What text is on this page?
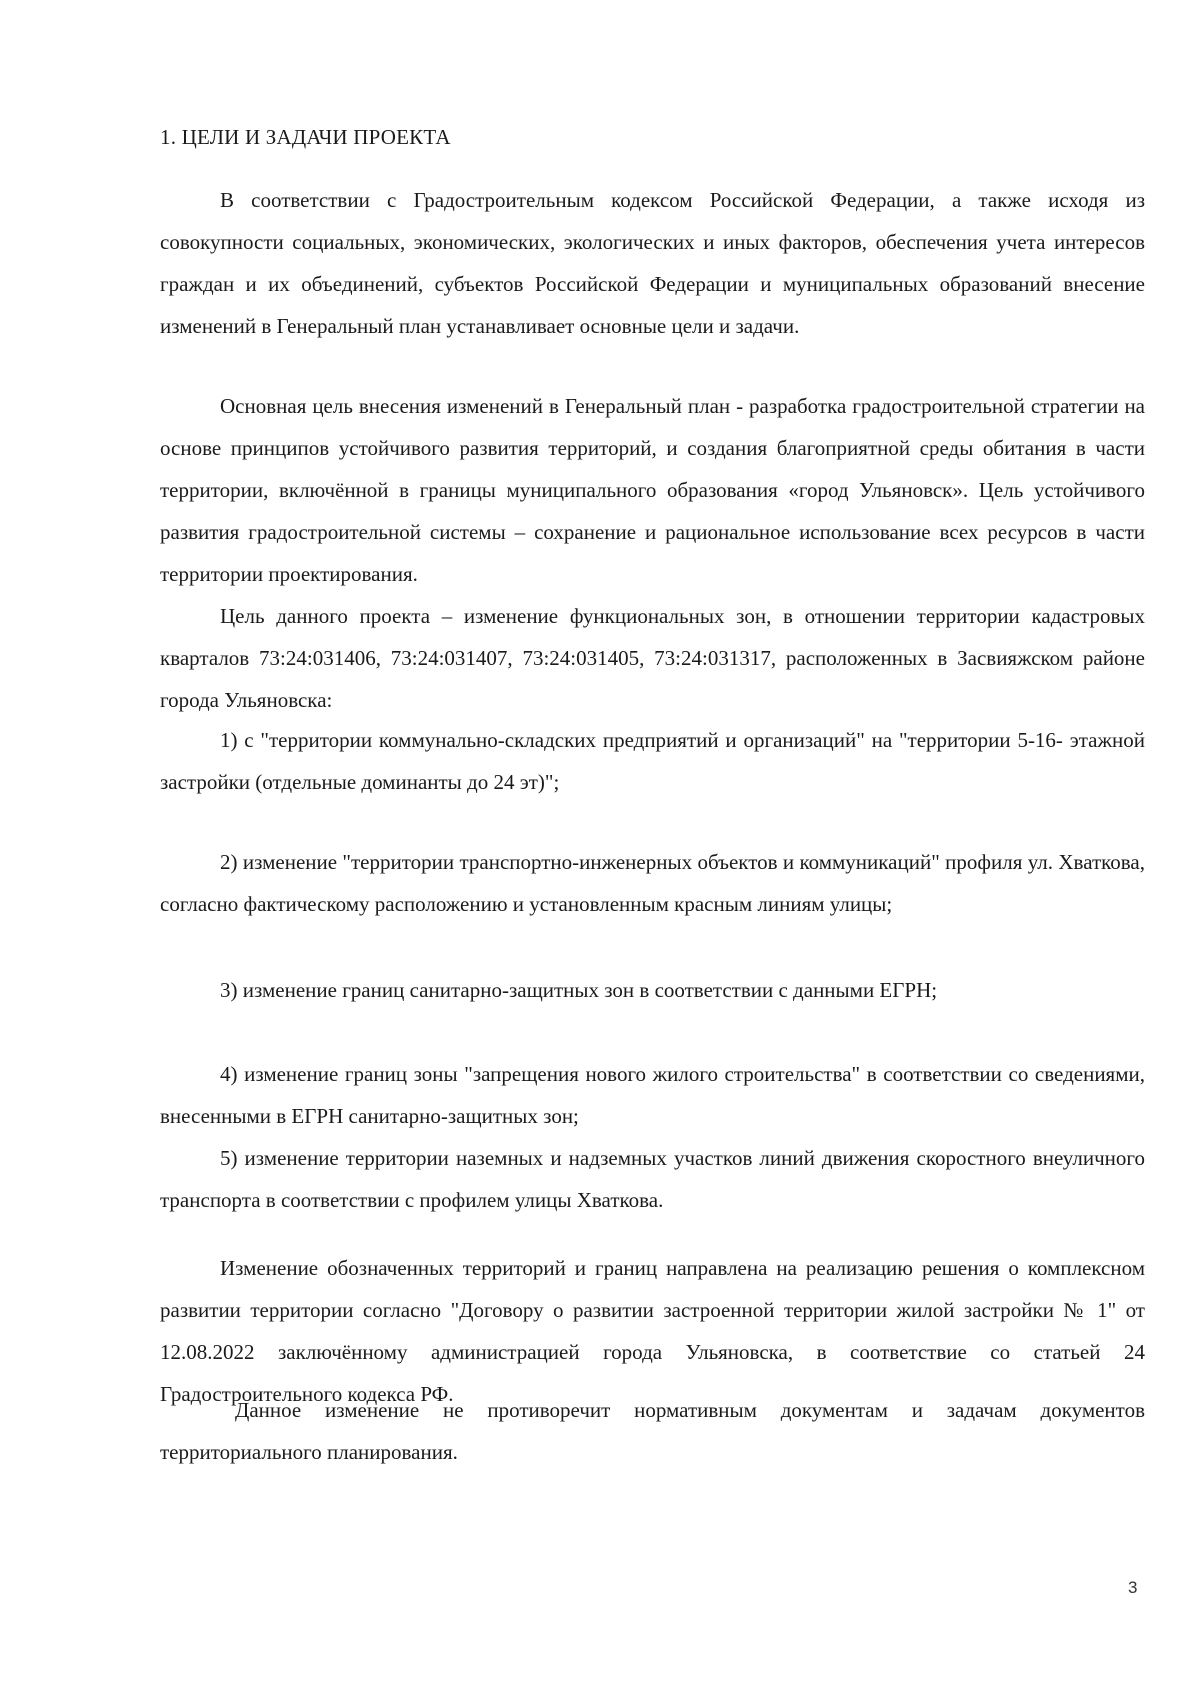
1. ЦЕЛИ И ЗАДАЧИ ПРОЕКТА

В соответствии с Градостроительным кодексом Российской Федерации, а также исходя из совокупности социальных, экономических, экологических и иных факторов, обеспечения учета интересов граждан и их объединений, субъектов Российской Федерации и муниципальных образований внесение изменений в Генеральный план устанавливает основные цели и задачи.

Основная цель внесения изменений в Генеральный план - разработка градостроительной стратегии на основе принципов устойчивого развития территорий, и создания благоприятной среды обитания в части территории, включённой в границы муниципального образования «город Ульяновск». Цель устойчивого развития градостроительной системы – сохранение и рациональное использование всех ресурсов в части территории проектирования.

Цель данного проекта – изменение функциональных зон, в отношении территории кадастровых кварталов 73:24:031406, 73:24:031407, 73:24:031405, 73:24:031317, расположенных в Засвияжском районе города Ульяновска:

1) с "территории коммунально-складских предприятий и организаций" на "территории 5-16- этажной застройки (отдельные доминанты до 24 эт)";

2) изменение "территории транспортно-инженерных объектов и коммуникаций" профиля ул. Хваткова, согласно фактическому расположению и установленным красным линиям улицы;

3) изменение границ санитарно-защитных зон в соответствии с данными ЕГРН;

4) изменение границ зоны "запрещения нового жилого строительства" в соответствии со сведениями, внесенными в ЕГРН санитарно-защитных зон;

5) изменение территории наземных и надземных участков линий движения скоростного внеуличного транспорта в соответствии с профилем улицы Хваткова.

Изменение обозначенных территорий и границ направлена на реализацию решения о комплексном развитии территории согласно "Договору о развитии застроенной территории жилой застройки № 1" от 12.08.2022 заключённому администрацией города Ульяновска, в соответствие со статьей 24 Градостроительного кодекса РФ.

Данное изменение не противоречит нормативным документам и задачам документов территориального планирования.

3
